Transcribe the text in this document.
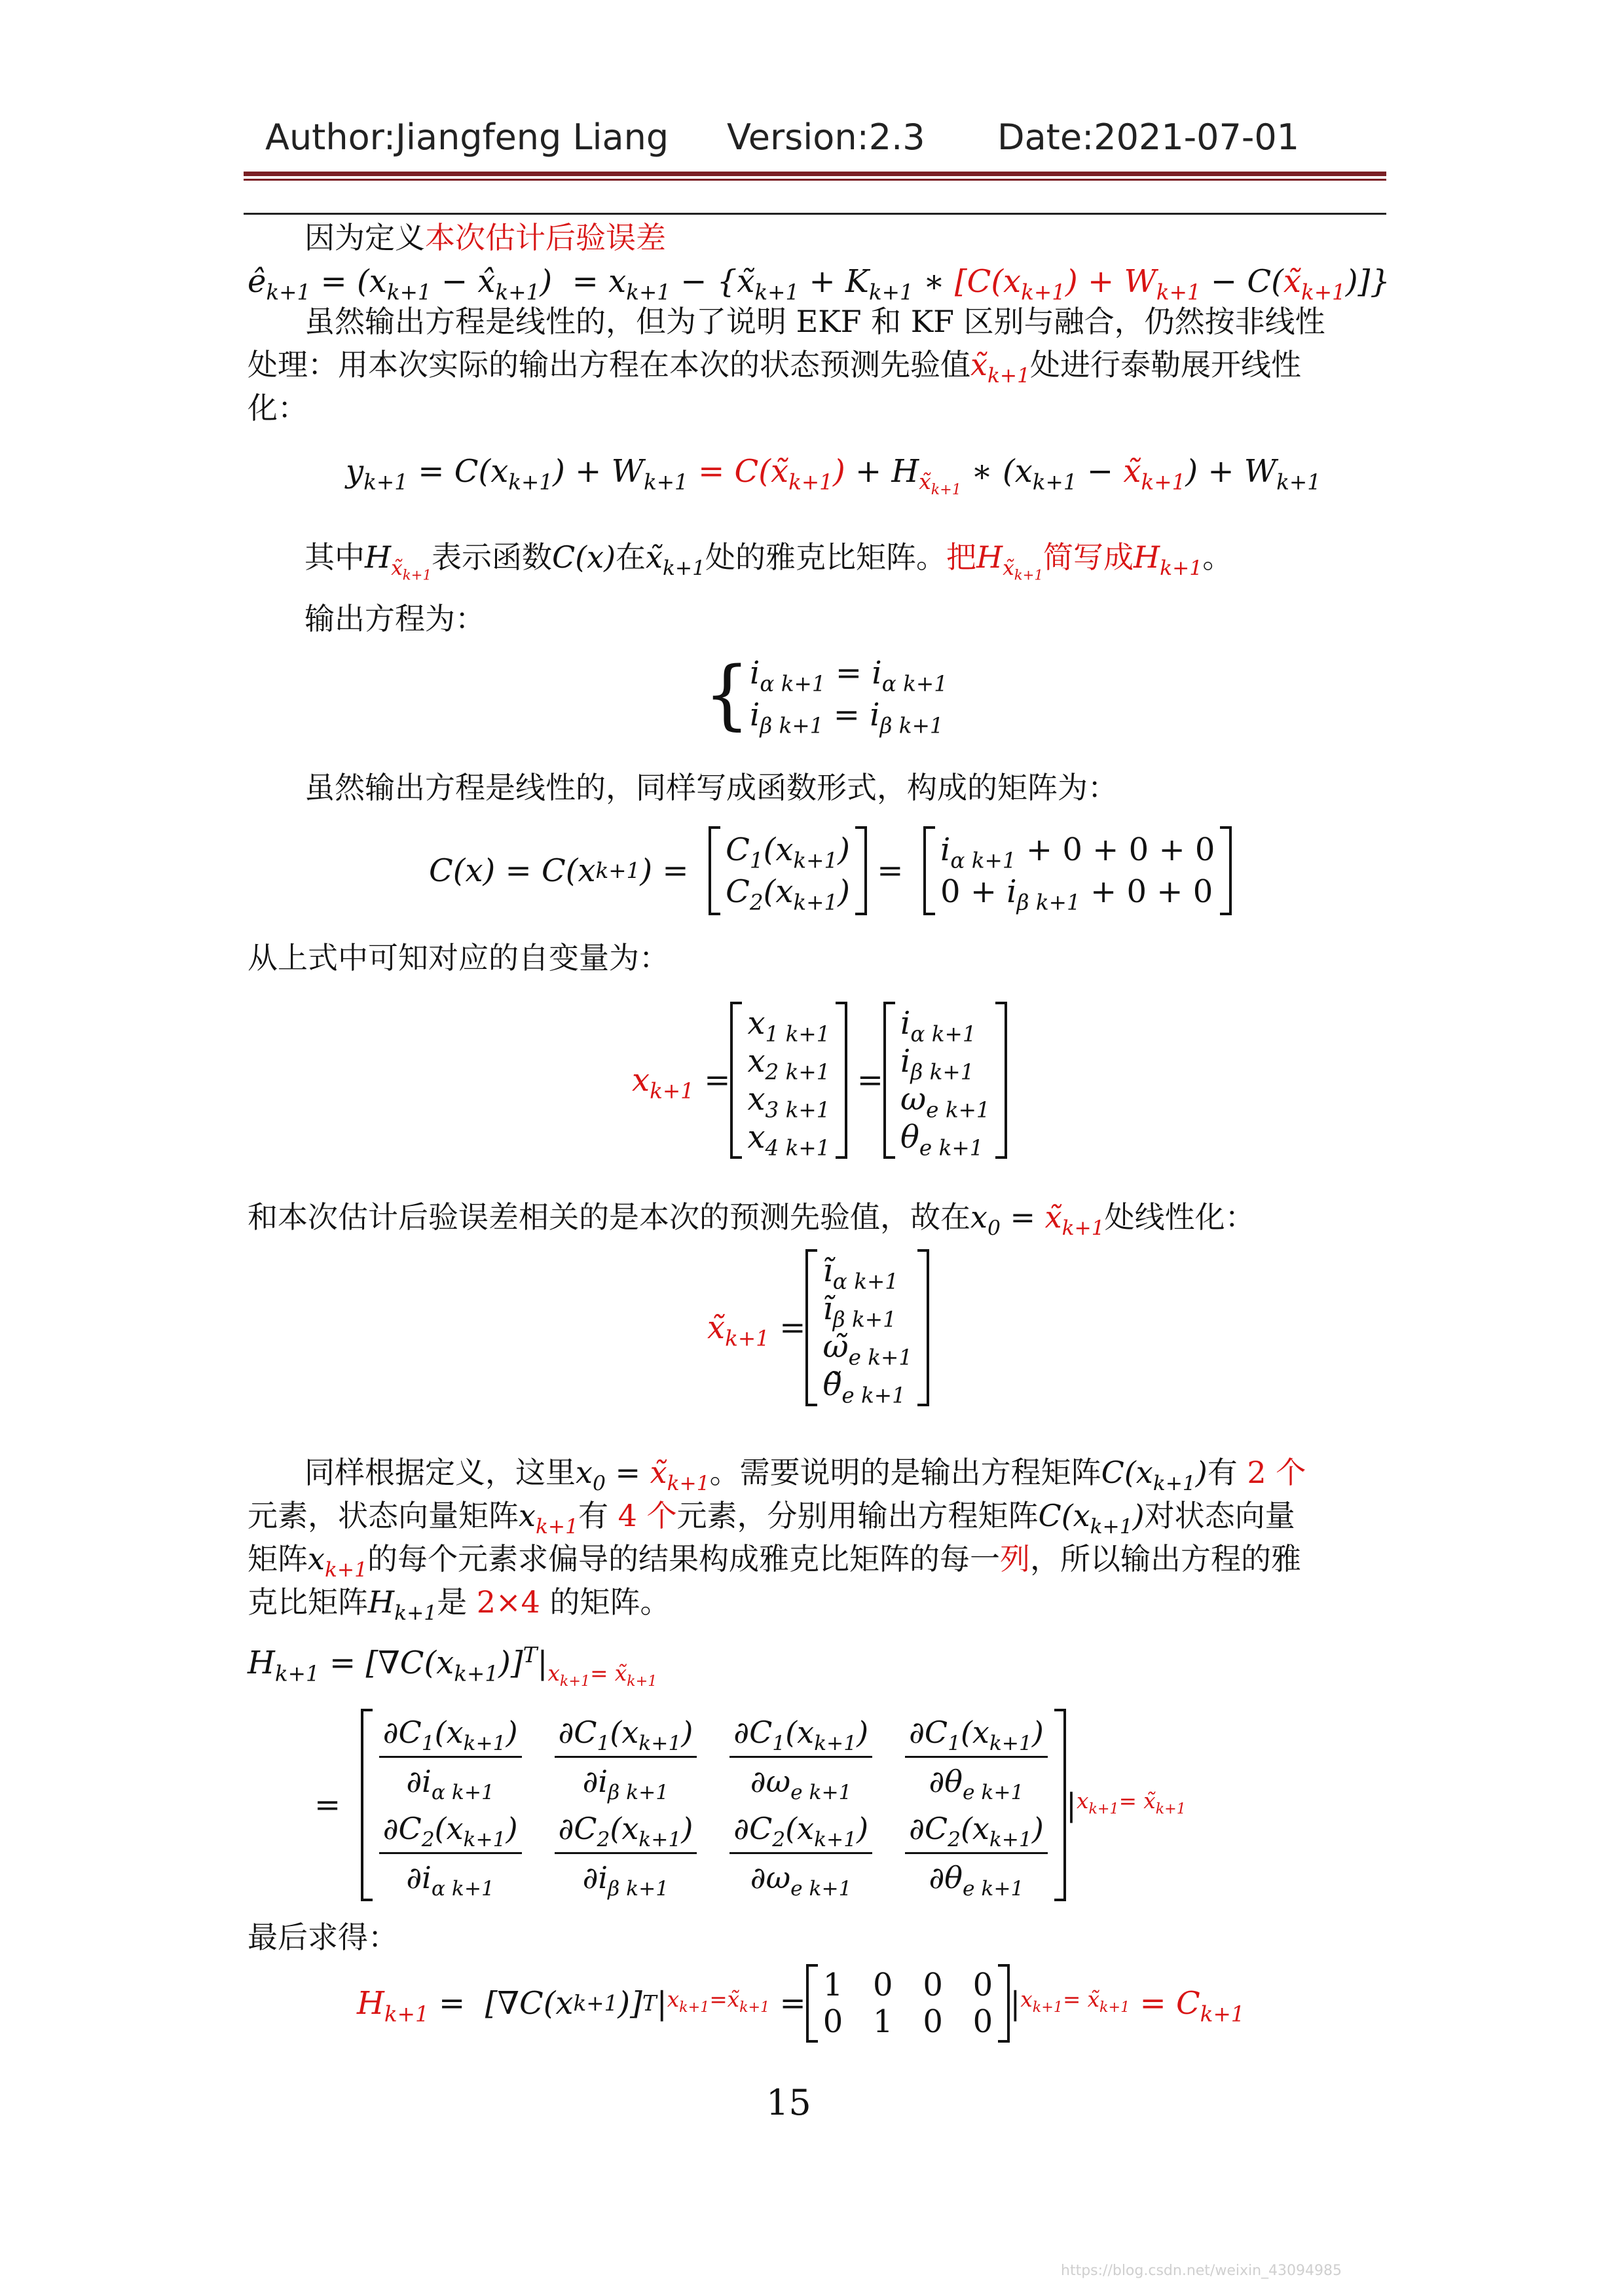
Author:Jiangfeng Liang Version:2.3 Date:2021-07-01
因为定义本次估计后验误差
$ê_{k+1} = (x_{k+1}$ − $x̂_{k+1}) = x_{k+1}$ − {$x̃_{k+1} + K_{k+1}$ ∗ [$C(x_{k+1}) + W_{k+1}$ − $C(x̃_{k+1})$]}
虽然输出方程是线性的，但为了说明 EKF 和 KF 区别与融合，仍然按非线性
处理：用本次实际的输出方程在本次的状态预测先验值$x̃_{k+1}$处进行泰勒展开线性
化：
$y_{k+1} = C(x_{k+1}) + W_{k+1}$ = $C(x̃_{k+1}) + H_{x̃_{k+1}}$ ∗ ($x_{k+1}$ − $x̃_{k+1}) + W_{k+1}$
其中$H_{x̃_{k+1}}$表示函数C(x)在$x̃_{k+1}$处的雅克比矩阵。把$H_{x̃_{k+1}}$简写成$H_{k+1}$。
输出方程为：
{ $i_{\alpha k+1} = i_{\alpha k+1}$
$i_{\beta k+1} = i_{\beta k+1}$
虽然输出方程是线性的，同样写成函数形式，构成的矩阵为：
C(x) = C(x k+1 ) =
$C_1(x_{k+1})$
$C_2(x_{k+1})$
=
$i_{\alpha k+1} + 0 + 0 + 0$
$0 + i_{\beta k+1} + 0 + 0$
从上式中可知对应的自变量为：
$x_{k+1}$ =
$x_{1 k+1}$
$x_{2 k+1}$
$x_{3 k+1}$
$x_{4 k+1}$
=
$i_{\alpha k+1}$
$i_{\beta k+1}$
$\omega_{e k+1}$
$\theta_{e k+1}$
和本次估计后验误差相关的是本次的预测先验值，故在$x_0$ = $x̃_{k+1}$处线性化：
$x̃_{k+1}$ =
$ĩ_{\alpha k+1}$
$ĩ_{\beta k+1}$
$\omegã_{e k+1}$
$\thetã_{e k+1}$
同样根据定义，这里$x_0$ = $x̃_{k+1}$。需要说明的是输出方程矩阵$C(x_{k+1})$有 2 个
元素，状态向量矩阵$x_{k+1}$有 4 个元素，分别用输出方程矩阵$C(x_{k+1})$对状态向量
矩阵$x_{k+1}$的每个元素求偏导的结果构成雅克比矩阵的每一列，所以输出方程的雅
克比矩阵$H_{k+1}$是 2×4 的矩阵。
$H_{k+1} = [\nabla C(x_{k+1})]^T|_{x_{k+1}= x̃_{k+1}}$
=
$\frac{\partial C_1(x_{k+1})}{\partial i_{\alpha k+1}} \frac{\partial C_1(x_{k+1})}{\partial i_{\beta k+1}} \frac{\partial C_1(x_{k+1})}{\partial\omega_{e k+1}} \frac{\partial C_1(x_{k+1})}{\partial\theta_{e k+1}}$
$\frac{\partial C_2(x_{k+1})}{\partial i_{\alpha k+1}} \frac{\partial C_2(x_{k+1})}{\partial i_{\beta k+1}} \frac{\partial C_2(x_{k+1})}{\partial\omega_{e k+1}} \frac{\partial C_2(x_{k+1})}{\partial\theta_{e k+1}}$
| $x_{k+1}=$ $x̃_{k+1}$
最后求得：
$H_{k+1} = [\nabla C(x$ k+1 )] T | $x_{k+1}=x̃_{k+1} = 1$   0   0   0
0   1   0   0 | $x_{k+1}=$ $x̃_{k+1}$
= $C_{k+1}$
15
https://blog.csdn.net/weixin_43094985
